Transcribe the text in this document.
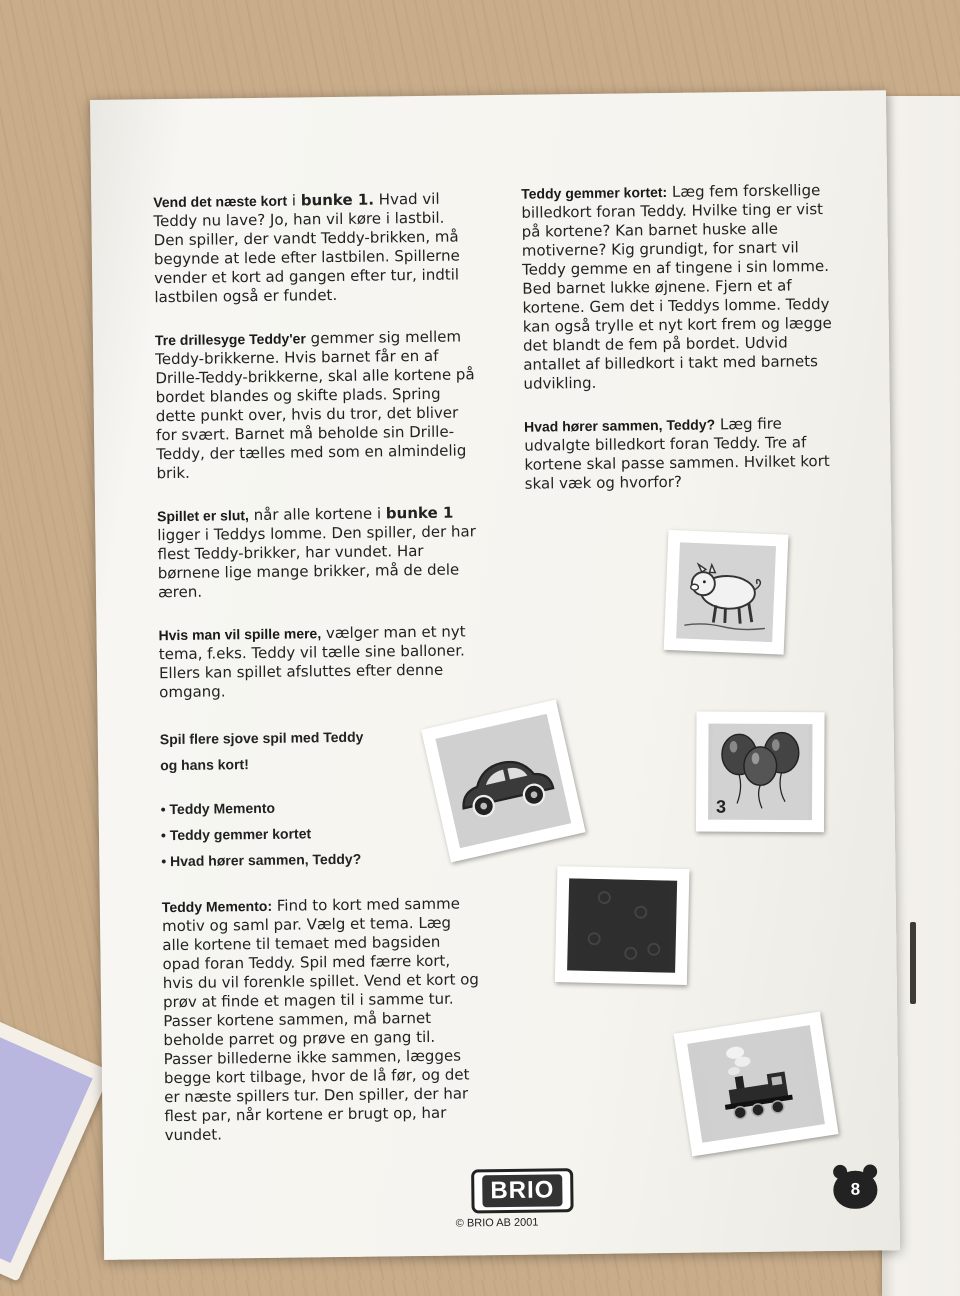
Vend det næste kort i bunke 1. Hvad vil Teddy nu lave? Jo, han vil køre i lastbil. Den spiller, der vandt Teddy-brikken, må begynde at lede efter lastbilen. Spillerne vender et kort ad gangen efter tur, indtil lastbilen også er fundet.

Tre drillesyge Teddy'er gemmer sig mellem Teddy-brikkerne. Hvis barnet får en af Drille-Teddy-brikkerne, skal alle kortene på bordet blandes og skifte plads. Spring dette punkt over, hvis du tror, det bliver for svært. Barnet må beholde sin Drille-Teddy, der tælles med som en almindelig brik.

Spillet er slut, når alle kortene i bunke 1 ligger i Teddys lomme. Den spiller, der har flest Teddy-brikker, har vundet. Har børnene lige mange brikker, må de dele æren.

Hvis man vil spille mere, vælger man et nyt tema, f.eks. Teddy vil tælle sine balloner. Ellers kan spillet afsluttes efter denne omgang.

Spil flere sjove spil med Teddy
og hans kort!

• Teddy Memento
• Teddy gemmer kortet
• Hvad hører sammen, Teddy?

Teddy Memento: Find to kort med samme motiv og saml par. Vælg et tema. Læg alle kortene til temaet med bagsiden opad foran Teddy. Spil med færre kort, hvis du vil forenkle spillet. Vend et kort og prøv at finde et magen til i samme tur. Passer kortene sammen, må barnet beholde parret og prøve en gang til. Passer billederne ikke sammen, lægges begge kort tilbage, hvor de lå før, og det er næste spillers tur. Den spiller, der har flest par, når kortene er brugt op, har vundet.

Teddy gemmer kortet: Læg fem forskellige billedkort foran Teddy. Hvilke ting er vist på kortene? Kan barnet huske alle motiverne? Kig grundigt, for snart vil Teddy gemme en af tingene i sin lomme. Bed barnet lukke øjnene. Fjern et af kortene. Gem det i Teddys lomme. Teddy kan også trylle et nyt kort frem og lægge det blandt de fem på bordet. Udvid antallet af billedkort i takt med barnets udvikling.

Hvad hører sammen, Teddy? Læg fire udvalgte billedkort foran Teddy. Tre af kortene skal passe sammen. Hvilket kort skal væk og hvorfor?

3
BRIO
© BRIO AB 2001
8
